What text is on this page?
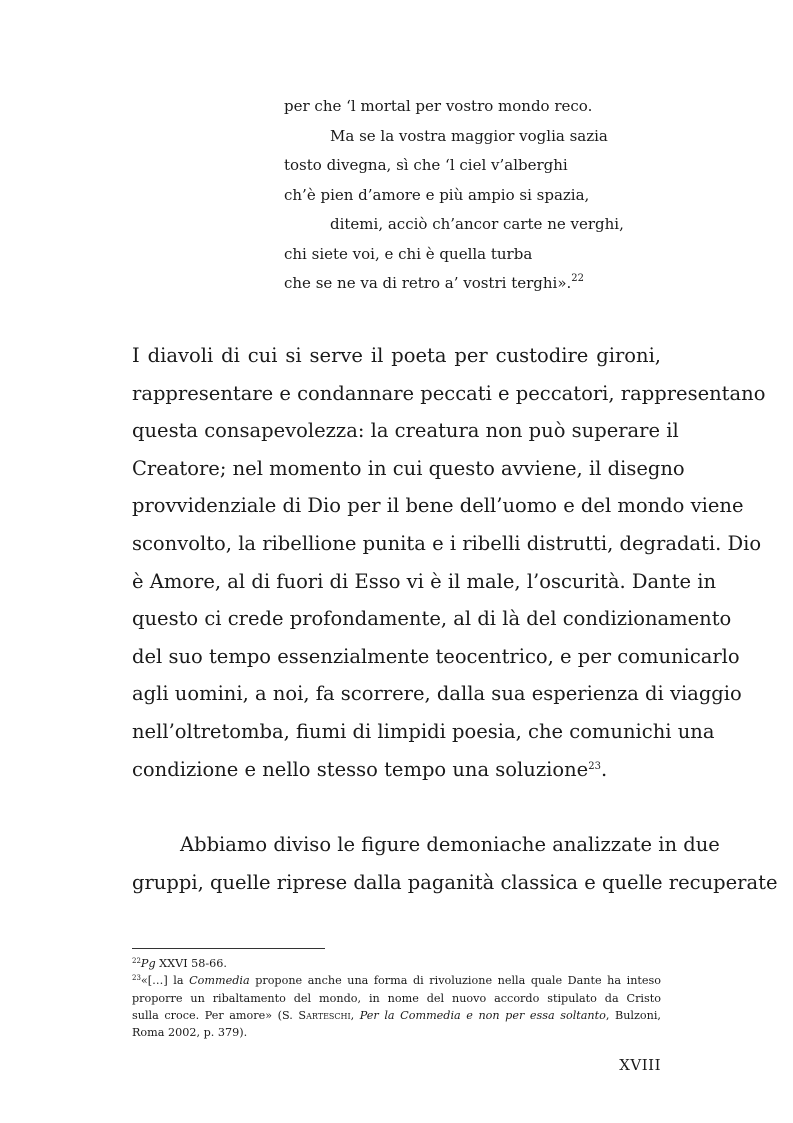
per che ‘l mortal per vostro mondo reco.
Ma se la vostra maggior voglia sazia
tosto divegna, sì che ‘l ciel v’alberghi
ch’è pien d’amore e più ampio si spazia,
ditemi, acciò ch’ancor carte ne verghi,
chi siete voi, e chi è quella turba
che se ne va di retro a’ vostri terghi».$^{22}$
I diavoli di cui si serve il poeta per custodire gironi,
rappresentare e condannare peccati e peccatori, rappresentano
questa consapevolezza: la creatura non può superare il
Creatore; nel momento in cui questo avviene, il disegno
provvidenziale di Dio per il bene dell’uomo e del mondo viene
sconvolto, la ribellione punita e i ribelli distrutti, degradati. Dio
è Amore, al di fuori di Esso vi è il male, l’oscurità. Dante in
questo ci crede profondamente, al di là del condizionamento
del suo tempo essenzialmente teocentrico, e per comunicarlo
agli uomini, a noi, fa scorrere, dalla sua esperienza di viaggio
nell’oltretomba, fiumi di limpidi poesia, che comunichi una
condizione e nello stesso tempo una soluzione$^{23}$.
Abbiamo diviso le figure demoniache analizzate in due
gruppi, quelle riprese dalla paganità classica e quelle recuperate
$^{22}$Pg XXVI 58-66.
$^{23}$«[…] la Commedia propone anche una forma di rivoluzione nella quale Dante ha inteso
proporre un ribaltamento del mondo, in nome del nuovo accordo stipulato da Cristo
sulla croce. Per amore» (S. Sarteschi, Per la Commedia e non per essa soltanto, Bulzoni,
Roma 2002, p. 379).
XVIII
